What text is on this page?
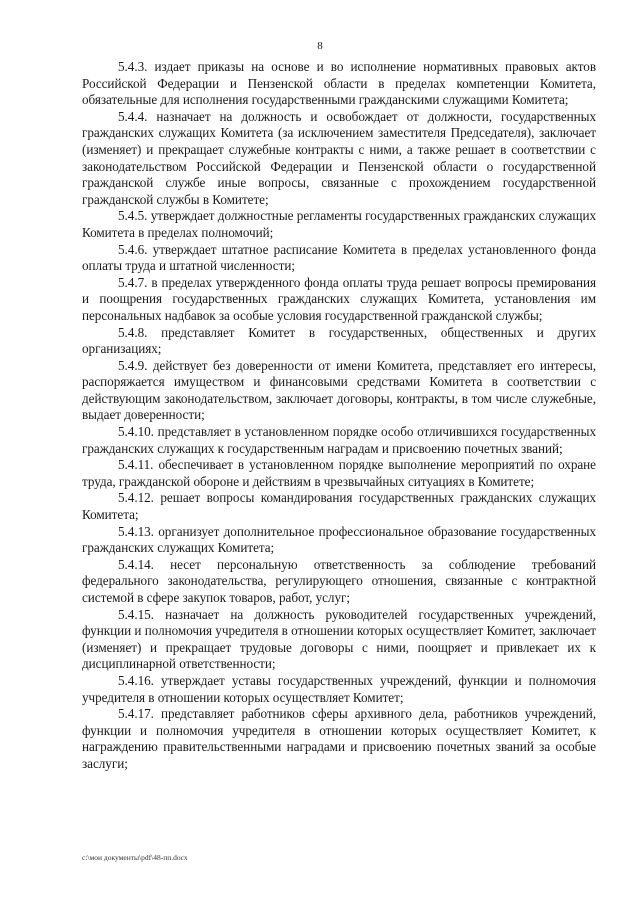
8

5.4.3. издает приказы на основе и во исполнение нормативных правовых актов Российской Федерации и Пензенской области в пределах компетенции Комитета, обязательные для исполнения государственными гражданскими служащими Комитета;

5.4.4. назначает на должность и освобождает от должности, государственных гражданских служащих Комитета (за исключением заместителя Председателя), заключает (изменяет) и прекращает служебные контракты с ними, а также решает в соответствии с законодательством Российской Федерации и Пензенской области о государственной гражданской службе иные вопросы, связанные с прохождением государственной гражданской службы в Комитете;

5.4.5. утверждает должностные регламенты государственных гражданских служащих Комитета в пределах полномочий;

5.4.6. утверждает штатное расписание Комитета в пределах установленного фонда оплаты труда и штатной численности;

5.4.7. в пределах утвержденного фонда оплаты труда решает вопросы премирования и поощрения государственных гражданских служащих Комитета, установления им персональных надбавок за особые условия государственной гражданской службы;

5.4.8. представляет Комитет в государственных, общественных и других организациях;

5.4.9. действует без доверенности от имени Комитета, представляет его интересы, распоряжается имуществом и финансовыми средствами Комитета в соответствии с действующим законодательством, заключает договоры, контракты, в том числе служебные, выдает доверенности;

5.4.10. представляет в установленном порядке особо отличившихся государственных гражданских служащих к государственным наградам и присвоению почетных званий;

5.4.11. обеспечивает в установленном порядке выполнение мероприятий по охране труда, гражданской обороне и действиям в чрезвычайных ситуациях в Комитете;

5.4.12. решает вопросы командирования государственных гражданских служащих Комитета;

5.4.13. организует дополнительное профессиональное образование государственных гражданских служащих Комитета;

5.4.14. несет персональную ответственность за соблюдение требований федерального законодательства, регулирующего отношения, связанные с контрактной системой в сфере закупок товаров, работ, услуг;

5.4.15. назначает на должность руководителей государственных учреждений, функции и полномочия учредителя в отношении которых осуществляет Комитет, заключает (изменяет) и прекращает трудовые договоры с ними, поощряет и привлекает их к дисциплинарной ответственности;

5.4.16. утверждает уставы государственных учреждений, функции и полномочия учредителя в отношении которых осуществляет Комитет;

5.4.17. представляет работников сферы архивного дела, работников учреждений, функции и полномочия учредителя в отношении которых осуществляет Комитет, к награждению правительственными наградами и присвоению почетных званий за особые заслуги;

c:\мои документы\pdf\48-пп.docx
